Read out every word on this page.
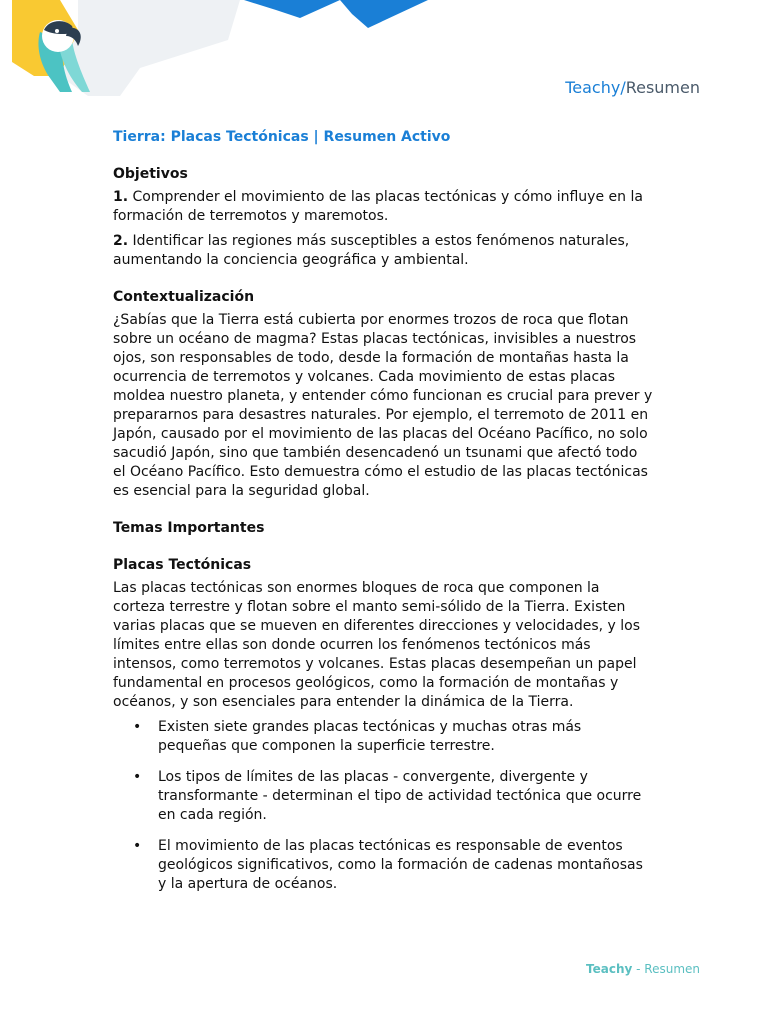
Teachy/Resumen
Tierra: Placas Tectónicas | Resumen Activo
Objetivos

1. Comprender el movimiento de las placas tectónicas y cómo influye en la formación de terremotos y maremotos.

2. Identificar las regiones más susceptibles a estos fenómenos naturales, aumentando la conciencia geográfica y ambiental.

Contextualización

¿Sabías que la Tierra está cubierta por enormes trozos de roca que flotan sobre un océano de magma? Estas placas tectónicas, invisibles a nuestros ojos, son responsables de todo, desde la formación de montañas hasta la ocurrencia de terremotos y volcanes. Cada movimiento de estas placas moldea nuestro planeta, y entender cómo funcionan es crucial para prever y prepararnos para desastres naturales. Por ejemplo, el terremoto de 2011 en Japón, causado por el movimiento de las placas del Océano Pacífico, no solo sacudió Japón, sino que también desencadenó un tsunami que afectó todo el Océano Pacífico. Esto demuestra cómo el estudio de las placas tectónicas es esencial para la seguridad global.

Temas Importantes
Placas Tectónicas

Las placas tectónicas son enormes bloques de roca que componen la corteza terrestre y flotan sobre el manto semi-sólido de la Tierra. Existen varias placas que se mueven en diferentes direcciones y velocidades, y los límites entre ellas son donde ocurren los fenómenos tectónicos más intensos, como terremotos y volcanes. Estas placas desempeñan un papel fundamental en procesos geológicos, como la formación de montañas y océanos, y son esenciales para entender la dinámica de la Tierra.

• Existen siete grandes placas tectónicas y muchas otras más pequeñas que componen la superficie terrestre.
• Los tipos de límites de las placas - convergente, divergente y transformante - determinan el tipo de actividad tectónica que ocurre en cada región.
• El movimiento de las placas tectónicas es responsable de eventos geológicos significativos, como la formación de cadenas montañosas y la apertura de océanos.
Teachy - Resumen
